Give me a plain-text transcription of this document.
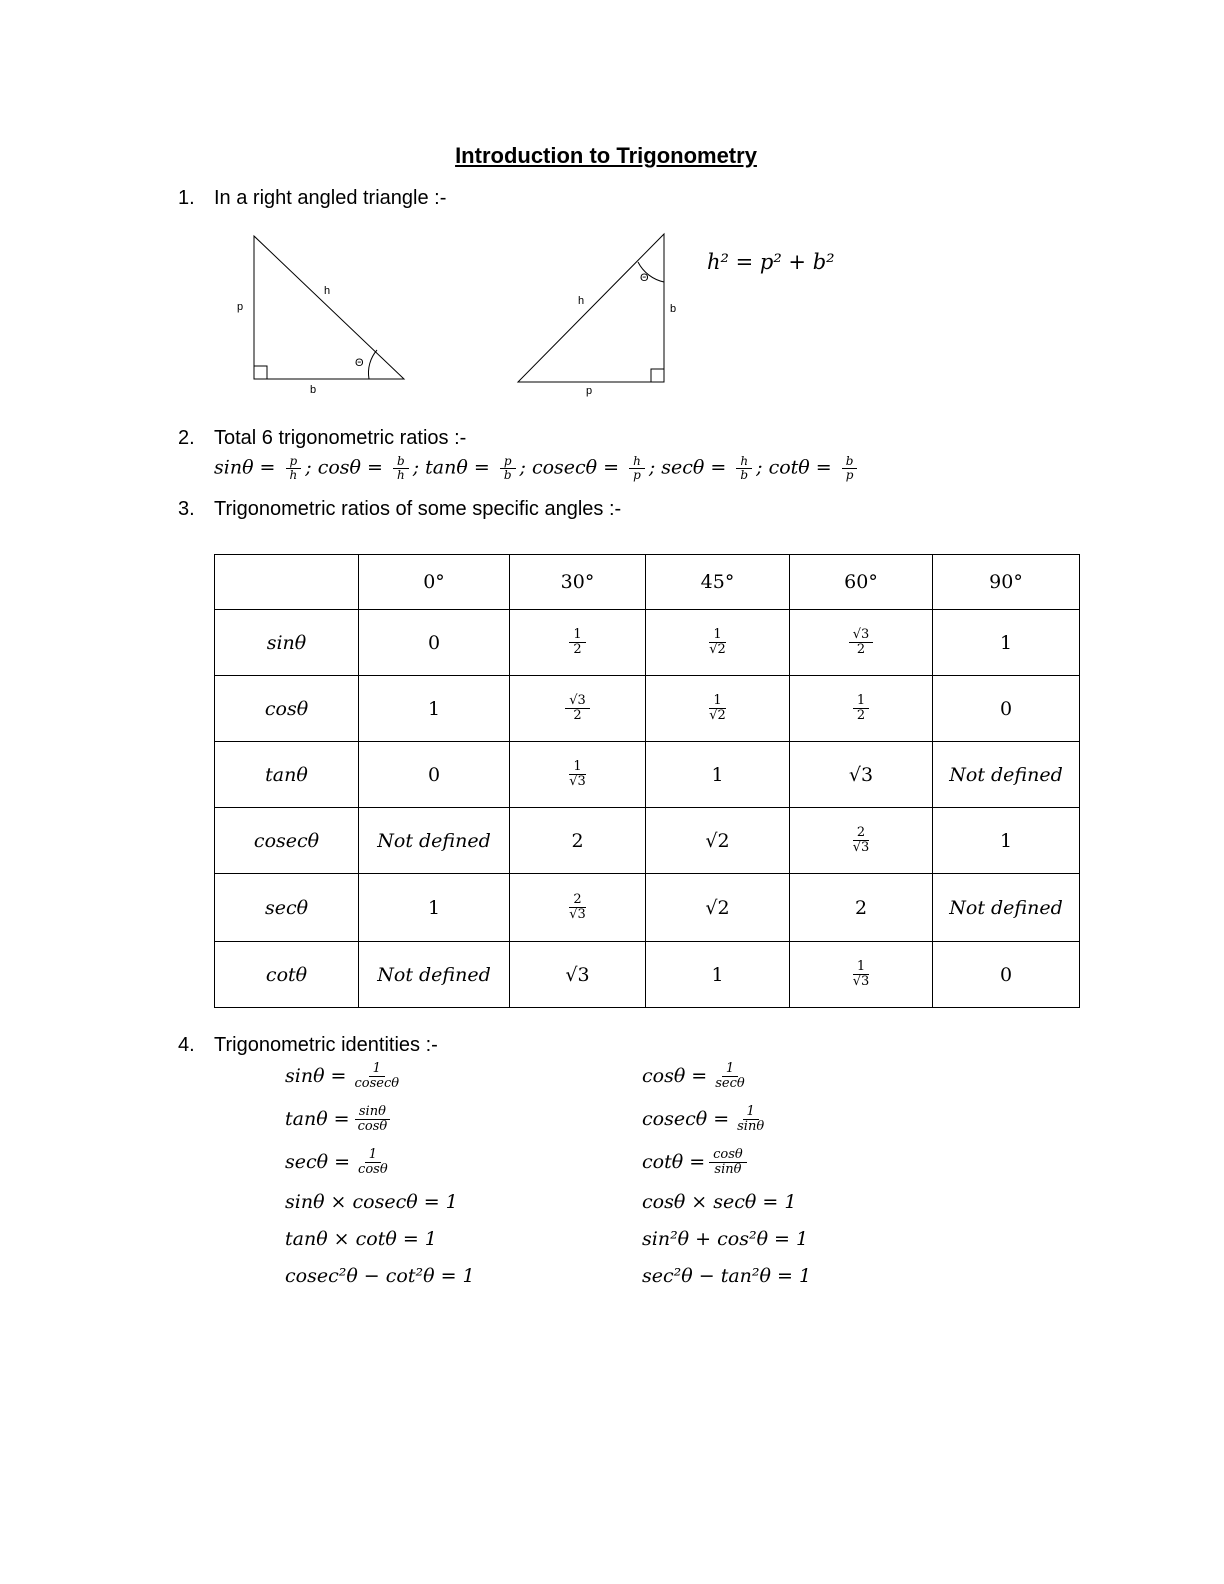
Introduction to Trigonometry
1. In a right angled triangle :-
p
h
b
Θ
b
h
p
Θ
h² = p² + b²
2. Total 6 trigonometric ratios :-
$\sin\theta = \frac{p}{h}$ ; $\cos\theta = \frac{b}{h}$ ; $\tan\theta = \frac{p}{b}$ ; $cosec\theta = \frac{h}{p}$ ; $\sec\theta = \frac{h}{b}$ ; $\cot\theta = \frac{b}{p}$
3. Trigonometric ratios of some specific angles :-
	0°	30°	45°	60°	90°
sinθ	0	$\frac{1}{2}$	$\frac{1}{√2}$	$\frac{√3}{2}$	1
cosθ	1	$\frac{√3}{2}$	$\frac{1}{√2}$	$\frac{1}{2}$	0
tanθ	0	$\frac{1}{√3}$	1	√3	Not defined
cosecθ	Not defined	2	√2	$\frac{2}{√3}$	1
secθ	1	$\frac{2}{√3}$	√2	2	Not defined
cotθ	Not defined	√3	1	$\frac{1}{√3}$	0
4. Trigonometric identities :-
$\sin\theta = \frac{1}{cosec\theta}$
$\tan\theta = \frac{\sin\theta}{\cos\theta}$
$\sec\theta = \frac{1}{\cos\theta}$
sinθ × cosecθ = 1
tanθ × cotθ = 1
cosec²θ − cot²θ = 1
$\cos\theta = \frac{1}{\sec\theta}$
$cosec\theta = \frac{1}{\sin\theta}$
$\cot\theta = \frac{\cos\theta}{\sin\theta}$
cosθ × secθ = 1
sin²θ + cos²θ = 1
sec²θ − tan²θ = 1
